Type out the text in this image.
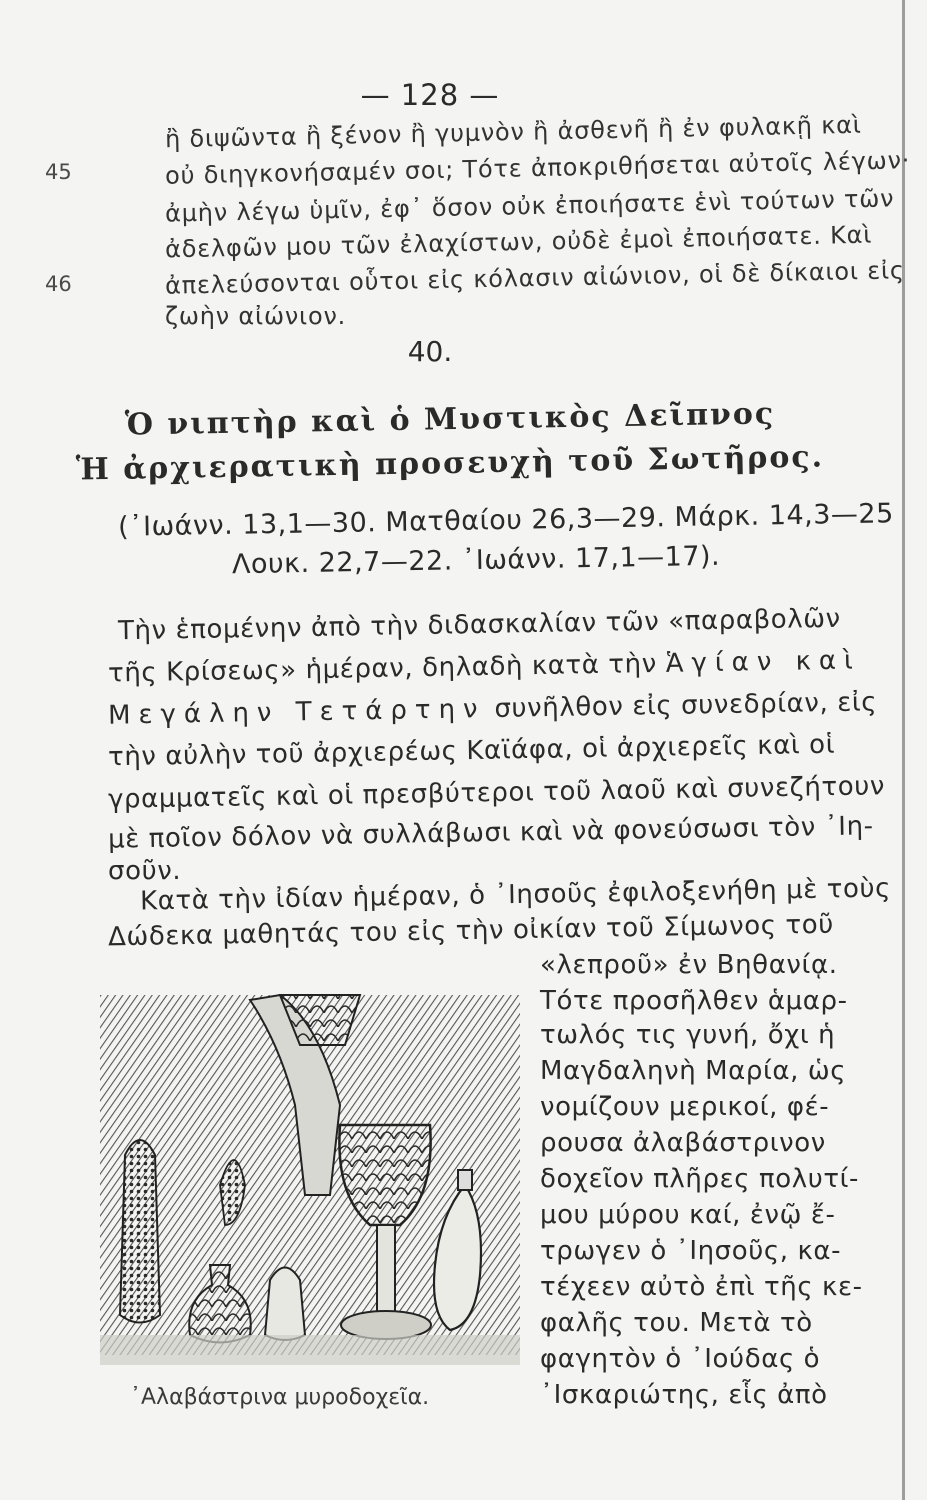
— 128 —
45
46
ἢ διψῶντα ἢ ξένον ἢ γυμνὸν ἢ ἀσθενῆ ἢ ἐν φυλακῇ καὶ
οὐ διηγκονήσαμέν σοι; Τότε ἀποκριθήσεται αὐτοῖς λέγων·
ἀμὴν λέγω ὑμῖν, ἐφ᾽ ὅσον οὐκ ἐποιήσατε ἑνὶ τούτων τῶν
ἀδελφῶν μου τῶν ἐλαχίστων, οὐδὲ ἐμοὶ ἐποιήσατε. Καὶ
ἀπελεύσονται οὗτοι εἰς κόλασιν αἰώνιον, οἱ δὲ δίκαιοι εἰς
ζωὴν αἰώνιον.
40.
Ὁ νιπτὴρ καὶ ὁ Μυστικὸς Δεῖπνος
Ἡ ἀρχιερατικὴ προσευχὴ τοῦ Σωτῆρος.
(᾽Ιωάνν. 13,1—30. Ματθαίου 26,3—29. Μάρκ. 14,3—25
Λουκ. 22,7—22. ᾽Ιωάνν. 17,1—17).
Τὴν ἑπομένην ἀπὸ τὴν διδασκαλίαν τῶν «παραβολῶν
τῆς Κρίσεως» ἡμέραν, δηλαδὴ κατὰ τὴν Ἁγίαν καὶ
Μεγάλην Τετάρτην συνῆλθον εἰς συνεδρίαν, εἰς
τὴν αὐλὴν τοῦ ἀρχιερέως Καϊάφα, οἱ ἀρχιερεῖς καὶ οἱ
γραμματεῖς καὶ οἱ πρεσβύτεροι τοῦ λαοῦ καὶ συνεζήτουν
μὲ ποῖον δόλον νὰ συλλάβωσι καὶ νὰ φονεύσωσι τὸν ᾽Ιη-
σοῦν.
Κατὰ τὴν ἰδίαν ἡμέραν, ὁ ᾽Ιησοῦς ἐφιλοξενήθη μὲ τοὺς
Δώδεκα μαθητάς του εἰς τὴν οἰκίαν τοῦ Σίμωνος τοῦ
«λεπροῦ» ἐν Βηθανίᾳ.
Τότε προσῆλθεν ἁμαρ-
τωλός τις γυνή, ὄχι ἡ
Μαγδαληνὴ Μαρία, ὡς
νομίζουν μερικοί, φέ-
ρουσα ἀλαβάστρινον
δοχεῖον πλῆρες πολυτί-
μου μύρου καί, ἐνῷ ἔ-
τρωγεν ὁ ᾽Ιησοῦς, κα-
τέχεεν αὐτὸ ἐπὶ τῆς κε-
φαλῆς του. Μετὰ τὸ
φαγητὸν ὁ ᾽Ιούδας ὁ
᾽Ισκαριώτης, εἷς ἀπὸ
᾽Αλαβάστρινα μυροδοχεῖα.
